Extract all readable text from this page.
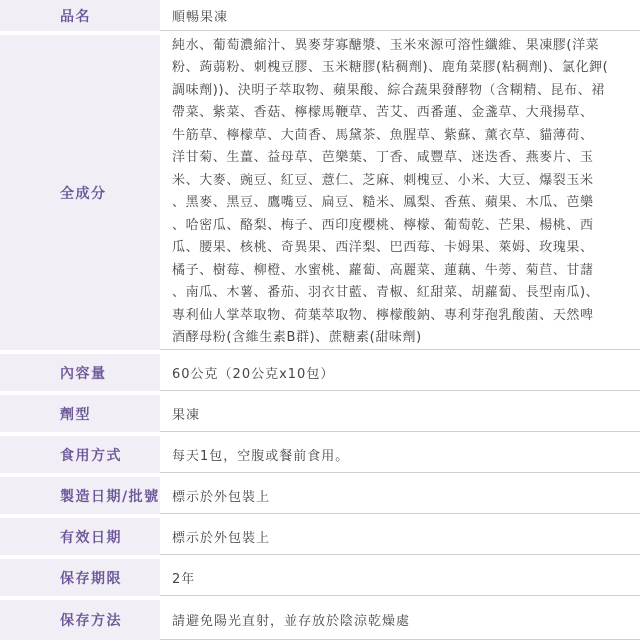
品名	順暢果凍
全成分
純水、葡萄濃縮汁、異麥芽寡醣漿、玉米來源可溶性纖維、果凍膠(洋菜
粉、蒟蒻粉、刺槐豆膠、玉米糖膠(粘稠劑)、鹿角菜膠(粘稠劑)、氯化鉀(
調味劑))、決明子萃取物、蘋果酸、綜合蔬果發酵物（含糊精、昆布、裙
帶菜、紫菜、香菇、檸檬馬鞭草、苦艾、西番蓮、金盞草、大飛揚草、
牛筋草、檸檬草、大茴香、馬黛茶、魚腥草、紫蘇、薰衣草、貓薄荷、
洋甘菊、生薑、益母草、芭樂葉、丁香、咸豐草、迷迭香、燕麥片、玉
米、大麥、豌豆、紅豆、薏仁、芝麻、刺槐豆、小米、大豆、爆裂玉米
、黑麥、黑豆、鷹嘴豆、扁豆、糙米、鳳梨、香蕉、蘋果、木瓜、芭樂
、哈密瓜、酪梨、梅子、西印度櫻桃、檸檬、葡萄乾、芒果、楊桃、西
瓜、腰果、核桃、奇異果、西洋梨、巴西莓、卡姆果、萊姆、玫瑰果、
橘子、樹莓、柳橙、水蜜桃、蘿蔔、高麗菜、蓮藕、牛蒡、菊苣、甘藷
、南瓜、木薯、番茄、羽衣甘藍、青椒、紅甜菜、胡蘿蔔、長型南瓜)、
專利仙人掌萃取物、荷葉萃取物、檸檬酸鈉、專利芽孢乳酸菌、天然啤
酒酵母粉(含維生素B群)、蔗糖素(甜味劑)
內容量	60公克（20公克x10包）
劑型	果凍
食用方式	每天1包，空腹或餐前食用。
製造日期/批號 標示於外包裝上
有效日期	標示於外包裝上
保存期限	2年
保存方法	請避免陽光直射，並存放於陰涼乾燥處
